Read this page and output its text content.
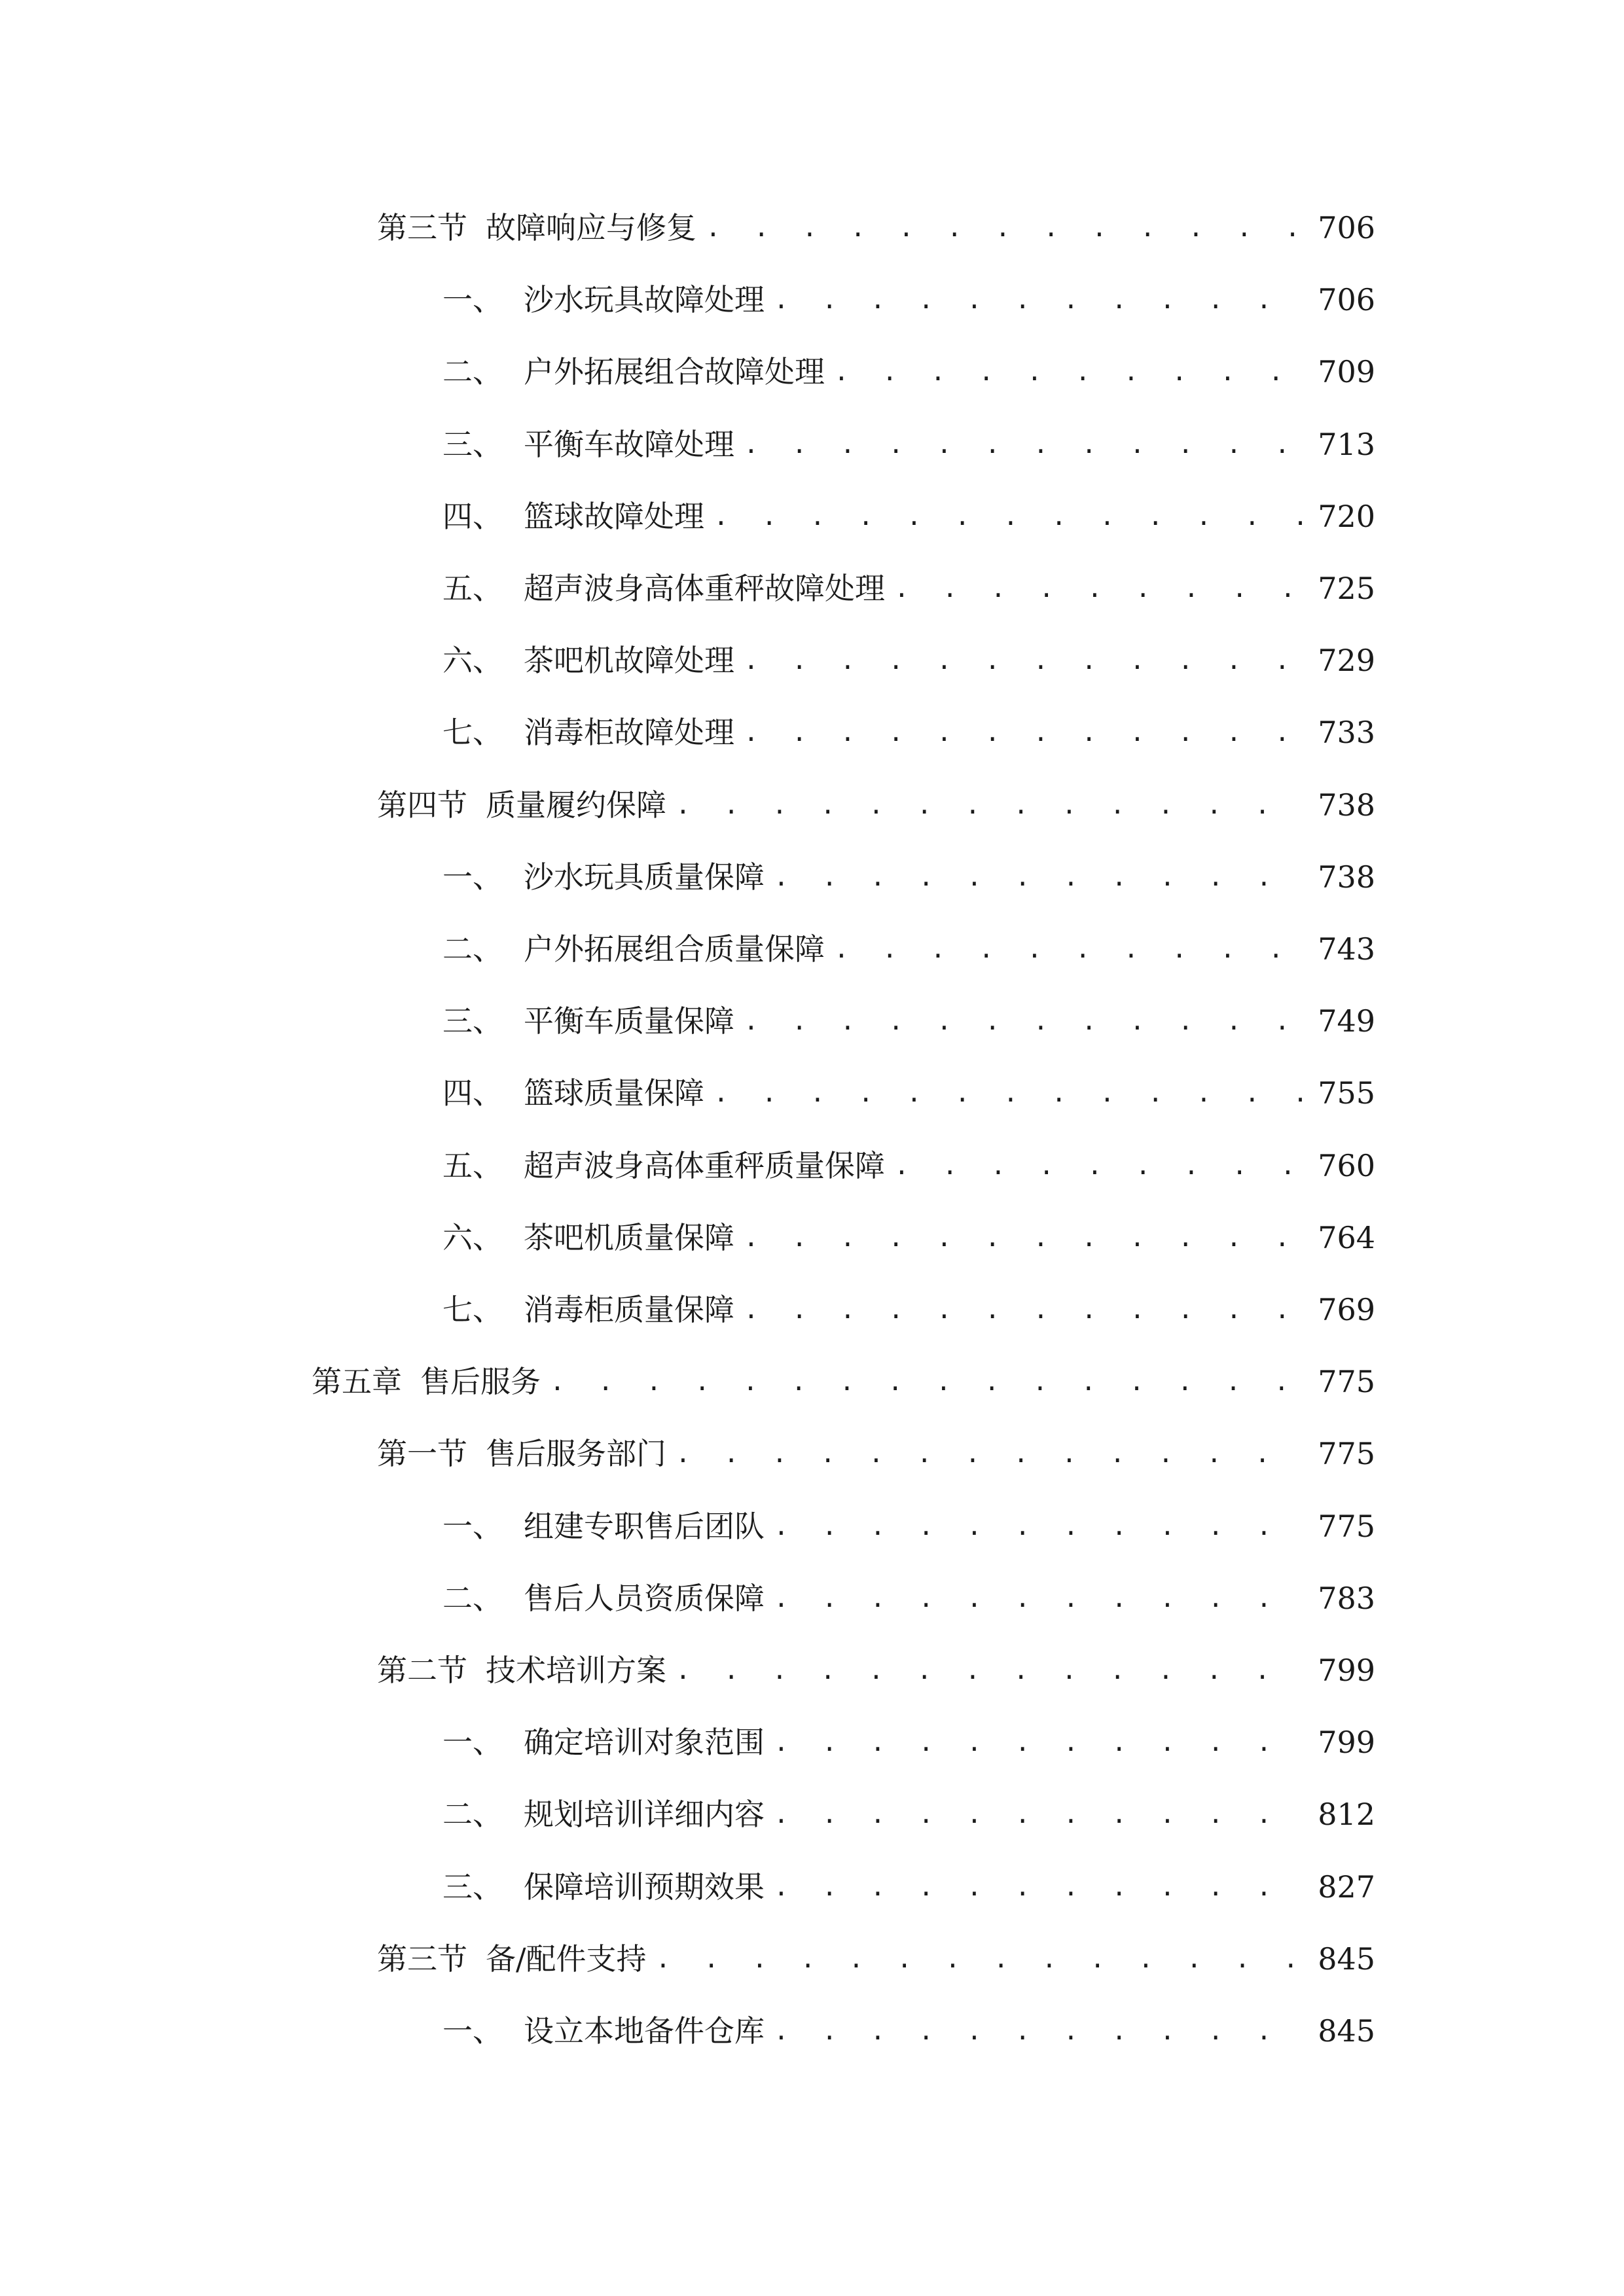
第三节 故障响应与修复 . . .	706
一、 沙水玩具故障处理 . . .	706
二、 户外拓展组合故障处理 . . .	709
三、 平衡车故障处理 . . .	713
四、 篮球故障处理 . . .	720
五、 超声波身高体重秤故障处理 . . .	725
六、 茶吧机故障处理 . . .	729
七、 消毒柜故障处理 . . .	733
第四节 质量履约保障 . . .	738
一、 沙水玩具质量保障 . . .	738
二、 户外拓展组合质量保障 . . .	743
三、 平衡车质量保障 . . .	749
四、 篮球质量保障 . . .	755
五、 超声波身高体重秤质量保障 . . .	760
六、 茶吧机质量保障 . . .	764
七、 消毒柜质量保障 . . .	769
第五章 售后服务 . . .	775
第一节 售后服务部门 . . .	775
一、 组建专职售后团队 . . .	775
二、 售后人员资质保障 . . .	783
第二节 技术培训方案 . . .	799
一、 确定培训对象范围 . . .	799
二、 规划培训详细内容 . . .	812
三、 保障培训预期效果 . . .	827
第三节 备/配件支持 . . .	845
一、 设立本地备件仓库 . . .	845
